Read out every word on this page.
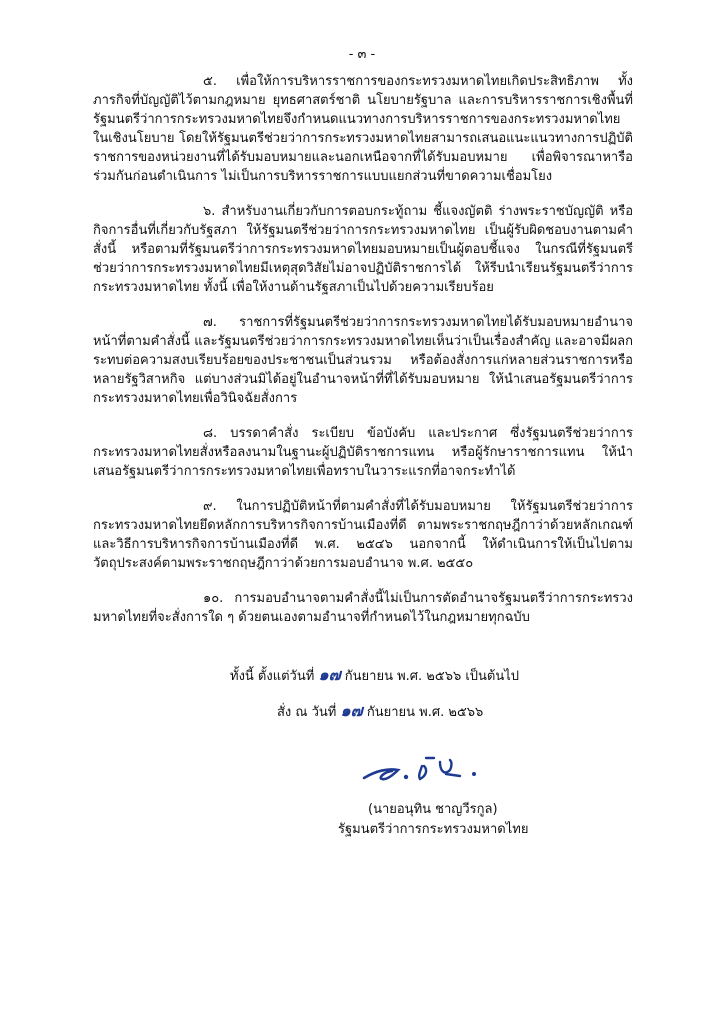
- ๓ -

๕. เพื่อให้การบริหารราชการของกระทรวงมหาดไทยเกิดประสิทธิภาพ ทั้งภารกิจที่บัญญัติไว้ตามกฎหมาย ยุทธศาสตร์ชาติ นโยบายรัฐบาล และการบริหารราชการเชิงพื้นที่ รัฐมนตรีว่าการกระทรวงมหาดไทยจึงกำหนดแนวทางการบริหารราชการของกระทรวงมหาดไทยในเชิงนโยบาย โดยให้รัฐมนตรีช่วยว่าการกระทรวงมหาดไทยสามารถเสนอแนะแนวทางการปฏิบัติราชการของหน่วยงานที่ได้รับมอบหมายและนอกเหนือจากที่ได้รับมอบหมาย เพื่อพิจารณาหารือร่วมกันก่อนดำเนินการ ไม่เป็นการบริหารราชการแบบแยกส่วนที่ขาดความเชื่อมโยง

๖. สำหรับงานเกี่ยวกับการตอบกระทู้ถาม ชี้แจงญัตติ ร่างพระราชบัญญัติ หรือกิจการอื่นที่เกี่ยวกับรัฐสภา ให้รัฐมนตรีช่วยว่าการกระทรวงมหาดไทย เป็นผู้รับผิดชอบงานตามคำสั่งนี้ หรือตามที่รัฐมนตรีว่าการกระทรวงมหาดไทยมอบหมายเป็นผู้ตอบชี้แจง ในกรณีที่รัฐมนตรีช่วยว่าการกระทรวงมหาดไทยมีเหตุสุดวิสัยไม่อาจปฏิบัติราชการได้ ให้รีบนำเรียนรัฐมนตรีว่าการกระทรวงมหาดไทย ทั้งนี้ เพื่อให้งานด้านรัฐสภาเป็นไปด้วยความเรียบร้อย

๗. ราชการที่รัฐมนตรีช่วยว่าการกระทรวงมหาดไทยได้รับมอบหมายอำนาจหน้าที่ตามคำสั่งนี้ และรัฐมนตรีช่วยว่าการกระทรวงมหาดไทยเห็นว่าเป็นเรื่องสำคัญ และอาจมีผลกระทบต่อความสงบเรียบร้อยของประชาชนเป็นส่วนรวม หรือต้องสั่งการแก่หลายส่วนราชการหรือหลายรัฐวิสาหกิจ แต่บางส่วนมิได้อยู่ในอำนาจหน้าที่ที่ได้รับมอบหมาย ให้นำเสนอรัฐมนตรีว่าการกระทรวงมหาดไทยเพื่อวินิจฉัยสั่งการ

๘. บรรดาคำสั่ง ระเบียบ ข้อบังคับ และประกาศ ซึ่งรัฐมนตรีช่วยว่าการกระทรวงมหาดไทยสั่งหรือลงนามในฐานะผู้ปฏิบัติราชการแทน หรือผู้รักษาราชการแทน ให้นำเสนอรัฐมนตรีว่าการกระทรวงมหาดไทยเพื่อทราบในวาระแรกที่อาจกระทำได้

๙. ในการปฏิบัติหน้าที่ตามคำสั่งที่ได้รับมอบหมาย ให้รัฐมนตรีช่วยว่าการกระทรวงมหาดไทยยึดหลักการบริหารกิจการบ้านเมืองที่ดี ตามพระราชกฤษฎีกาว่าด้วยหลักเกณฑ์และวิธีการบริหารกิจการบ้านเมืองที่ดี พ.ศ. ๒๕๔๖ นอกจากนี้ ให้ดำเนินการให้เป็นไปตามวัตถุประสงค์ตามพระราชกฤษฎีกาว่าด้วยการมอบอำนาจ พ.ศ. ๒๕๕๐

๑๐. การมอบอำนาจตามคำสั่งนี้ไม่เป็นการตัดอำนาจรัฐมนตรีว่าการกระทรวงมหาดไทยที่จะสั่งการใด ๆ ด้วยตนเองตามอำนาจที่กำหนดไว้ในกฎหมายทุกฉบับ

ทั้งนี้ ตั้งแต่วันที่ ๑๗ กันยายน พ.ศ. ๒๕๖๖ เป็นต้นไป
สั่ง ณ วันที่ ๑๗ กันยายน พ.ศ. ๒๕๖๖
(นายอนุทิน ชาญวีรกูล)
รัฐมนตรีว่าการกระทรวงมหาดไทย
